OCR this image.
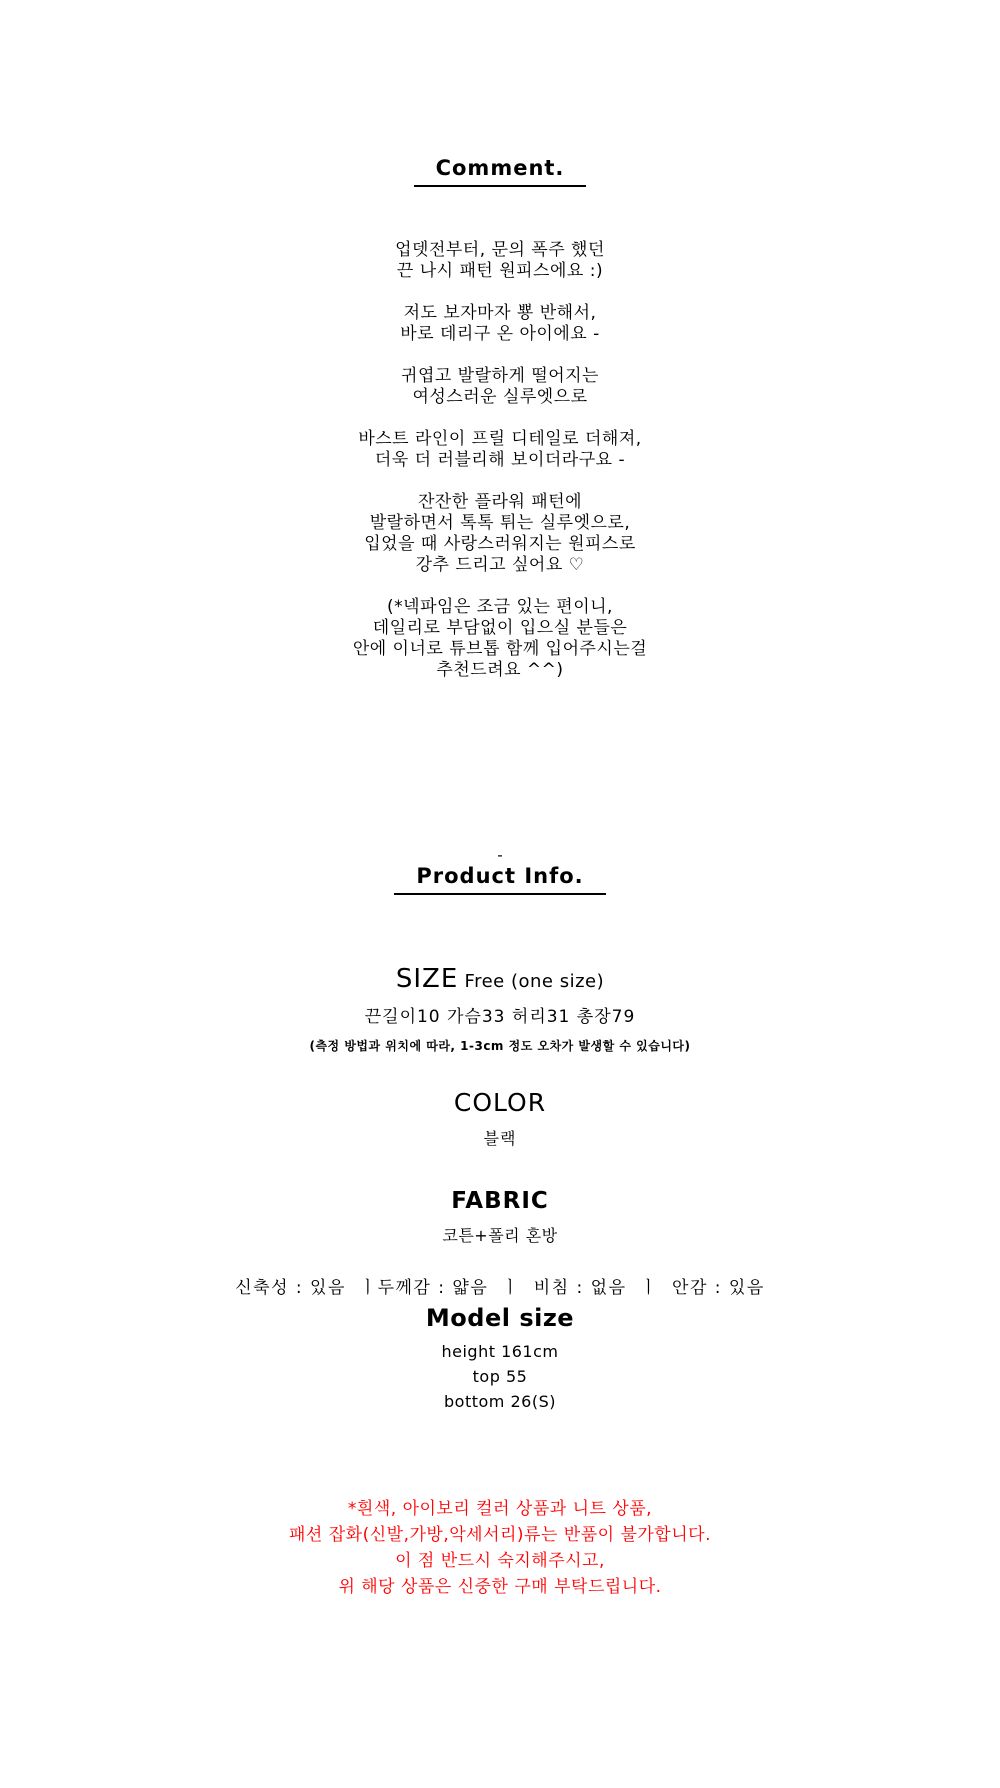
Comment.
업뎃전부터, 문의 폭주 했던
끈 나시 패턴 원피스에요 :)
저도 보자마자 뿅 반해서,
바로 데리구 온 아이에요 -
귀엽고 발랄하게 떨어지는
여성스러운 실루엣으로
바스트 라인이 프릴 디테일로 더해져,
더욱 더 러블리해 보이더라구요 -
잔잔한 플라워 패턴에
발랄하면서 톡톡 튀는 실루엣으로,
입었을 때 사랑스러워지는 원피스로
강추 드리고 싶어요 ♡
(*넥파임은 조금 있는 편이니,
데일리로 부담없이 입으실 분들은
안에 이너로 튜브톱 함께 입어주시는걸
추천드려요 ^^)
-
Product Info.
SIZE Free (one size)
끈길이10 가슴33 허리31 총장79
(측정 방법과 위치에 따라, 1-3cm 정도 오차가 발생할 수 있습니다)
COLOR
블랙
FABRIC
코튼+폴리 혼방
신축성 : 있음  ㅣ두께감 : 얇음  ㅣ  비침 : 없음  ㅣ  안감 : 있음
Model size
height 161cm
top 55
bottom 26(S)
*흰색, 아이보리 컬러 상품과 니트 상품,
패션 잡화(신발,가방,악세서리)류는 반품이 불가합니다.
이 점 반드시 숙지해주시고,
위 해당 상품은 신중한 구매 부탁드립니다.
